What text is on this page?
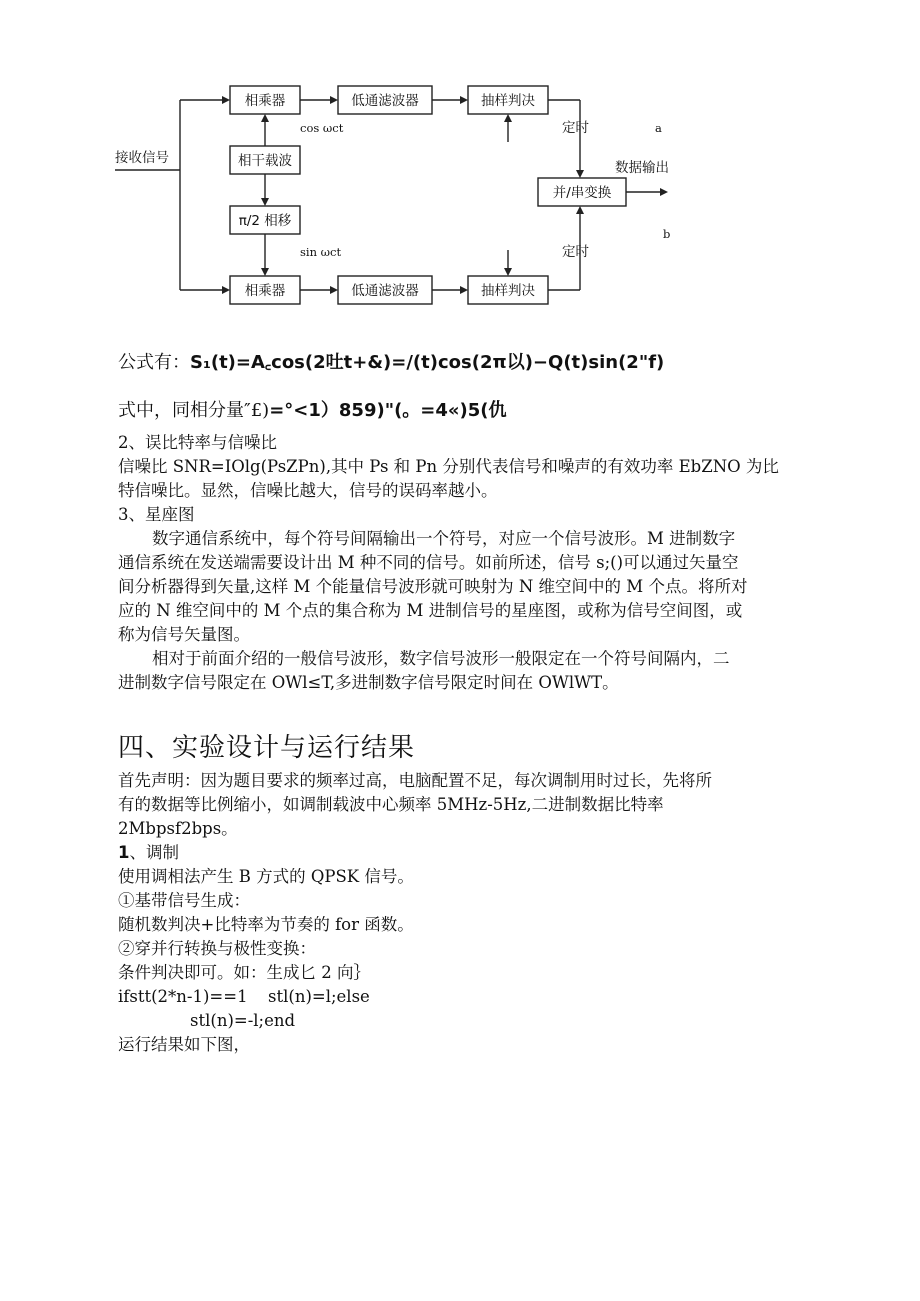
接收信号
相乘器	低通滤波器	抽样判决
定时	a
相干载波
cos ωct
π/2 相移
sin ωct
相乘器	低通滤波器	抽样判决
定时
b
并/串变换
数据输出
公式有：S₁(t)=A꜀cos(2吐t+&)=/(t)cos(2π以)−Q(t)sin(2"f)
式中，同相分量″£)=°<1）859)"(。=4«)5(仇
2、误比特率与信噪比
信噪比 SNR=IOlg(PsZPn),其中 Ps 和 Pn 分别代表信号和噪声的有效功率 EbZNO 为比
特信噪比。显然，信噪比越大，信号的误码率越小。
3、星座图
数字通信系统中，每个符号间隔输出一个符号，对应一个信号波形。M 进制数字
通信系统在发送端需要设计出 M 种不同的信号。如前所述，信号 s;()可以通过矢量空
间分析器得到矢量,这样 M 个能量信号波形就可映射为 N 维空间中的 M 个点。将所对
应的 N 维空间中的 M 个点的集合称为 M 进制信号的星座图，或称为信号空间图，或
称为信号矢量图。
相对于前面介绍的一般信号波形，数字信号波形一般限定在一个符号间隔内，二
进制数字信号限定在 OWl≤T,多进制数字信号限定时间在 OWlWT。
四、实验设计与运行结果
首先声明：因为题目要求的频率过高，电脑配置不足，每次调制用时过长，先将所
有的数据等比例缩小，如调制载波中心频率 5MHz-5Hz,二进制数据比特率
2Mbpsf2bps。
1、调制
使用调相法产生 B 方式的 QPSK 信号。
①基带信号生成：
随机数判决+比特率为节奏的 for 函数。
②穿并行转换与极性变换：
条件判决即可。如：生成匕 2 向｝
ifstt(2*n-1)==1 stl(n)=l;else
stl(n)=-l;end
运行结果如下图，
